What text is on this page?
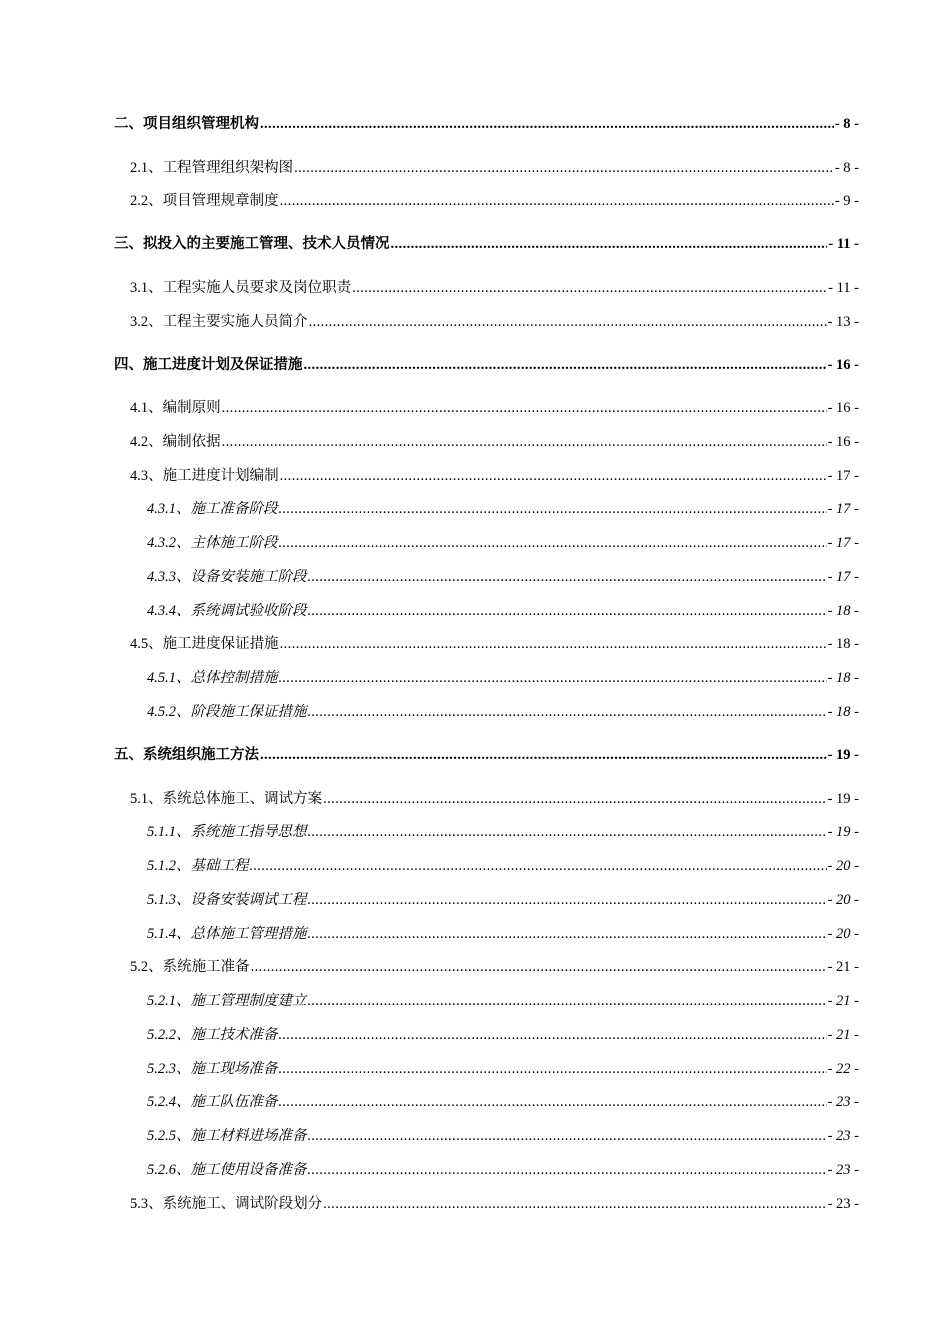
二、项目组织管理机构 .....	- 8 -
2.1、工程管理组织架构图 .....	- 8 -
2.2、项目管理规章制度 .....	- 9 -
三、拟投入的主要施工管理、技术人员情况 .....	- 11 -
3.1、工程实施人员要求及岗位职责 .....	- 11 -
3.2、工程主要实施人员简介 .....	- 13 -
四、施工进度计划及保证措施 .....	- 16 -
4.1、编制原则 .....	- 16 -
4.2、编制依据 .....	- 16 -
4.3、施工进度计划编制 .....	- 17 -
4.3.1、施工准备阶段 .....	- 17 -
4.3.2、主体施工阶段 .....	- 17 -
4.3.3、设备安装施工阶段 .....	- 17 -
4.3.4、系统调试验收阶段 .....	- 18 -
4.5、施工进度保证措施 .....	- 18 -
4.5.1、总体控制措施 .....	- 18 -
4.5.2、阶段施工保证措施 .....	- 18 -
五、系统组织施工方法 .....	- 19 -
5.1、系统总体施工、调试方案 .....	- 19 -
5.1.1、系统施工指导思想 .....	- 19 -
5.1.2、基础工程 .....	- 20 -
5.1.3、设备安装调试工程 .....	- 20 -
5.1.4、总体施工管理措施 .....	- 20 -
5.2、系统施工准备 .....	- 21 -
5.2.1、施工管理制度建立 .....	- 21 -
5.2.2、施工技术准备 .....	- 21 -
5.2.3、施工现场准备 .....	- 22 -
5.2.4、施工队伍准备 .....	- 23 -
5.2.5、施工材料进场准备 .....	- 23 -
5.2.6、施工使用设备准备 .....	- 23 -
5.3、系统施工、调试阶段划分 .....	- 23 -
